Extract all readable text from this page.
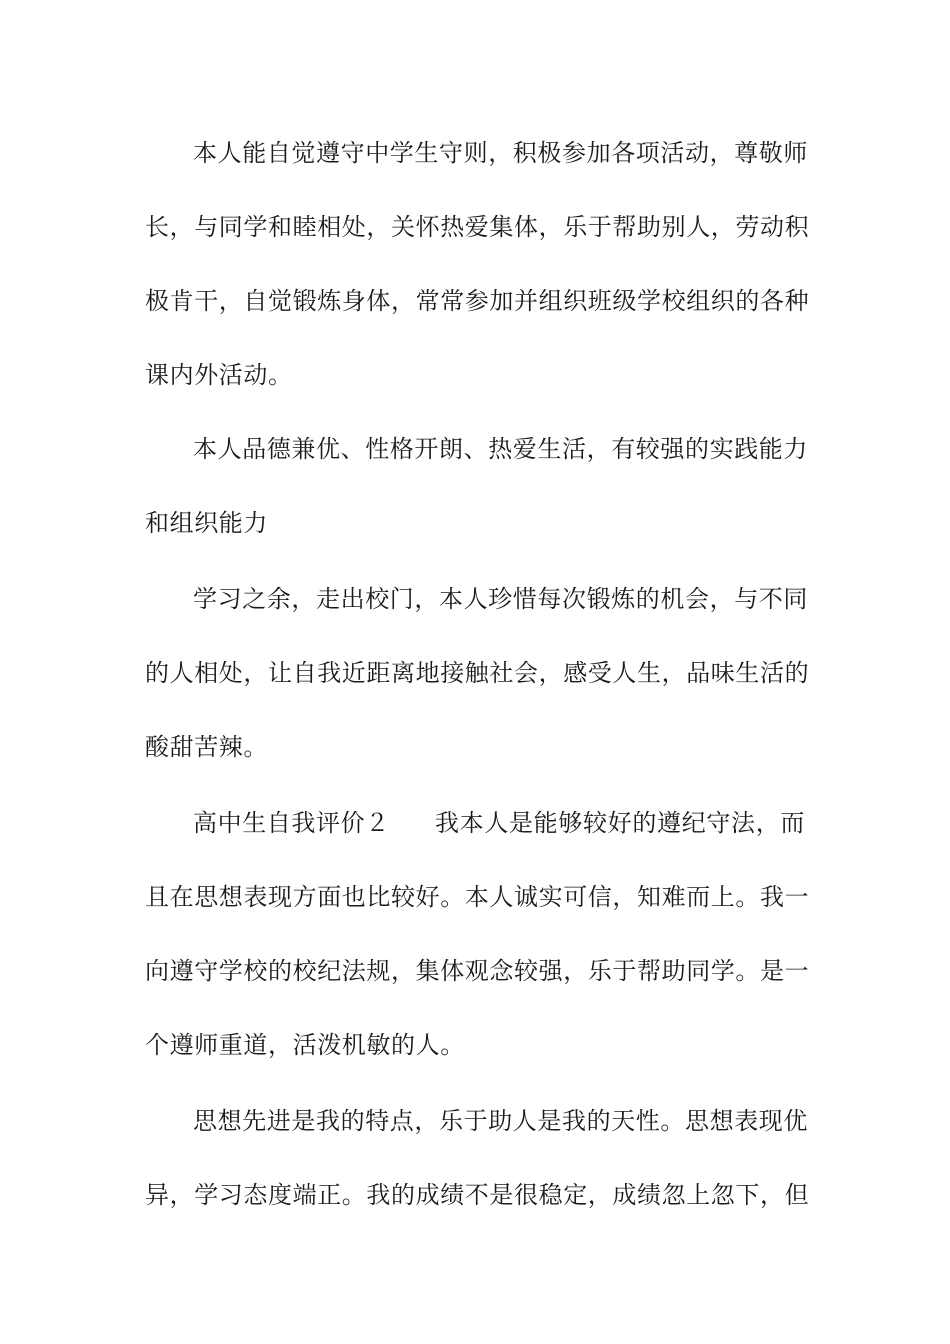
本人能自觉遵守中学生守则，积极参加各项活动，尊敬师
长，与同学和睦相处，关怀热爱集体，乐于帮助别人，劳动积
极肯干，自觉锻炼身体，常常参加并组织班级学校组织的各种
课内外活动。
本人品德兼优、性格开朗、热爱生活，有较强的实践能力
和组织能力
学习之余，走出校门，本人珍惜每次锻炼的机会，与不同
的人相处，让自我近距离地接触社会，感受人生，品味生活的
酸甜苦辣。
高中生自我评价２ 我本人是能够较好的遵纪守法，而
且在思想表现方面也比较好。本人诚实可信，知难而上。我一
向遵守学校的校纪法规，集体观念较强，乐于帮助同学。是一
个遵师重道，活泼机敏的人。
思想先进是我的特点，乐于助人是我的天性。思想表现优
异，学习态度端正。我的成绩不是很稳定，成绩忽上忽下，但
